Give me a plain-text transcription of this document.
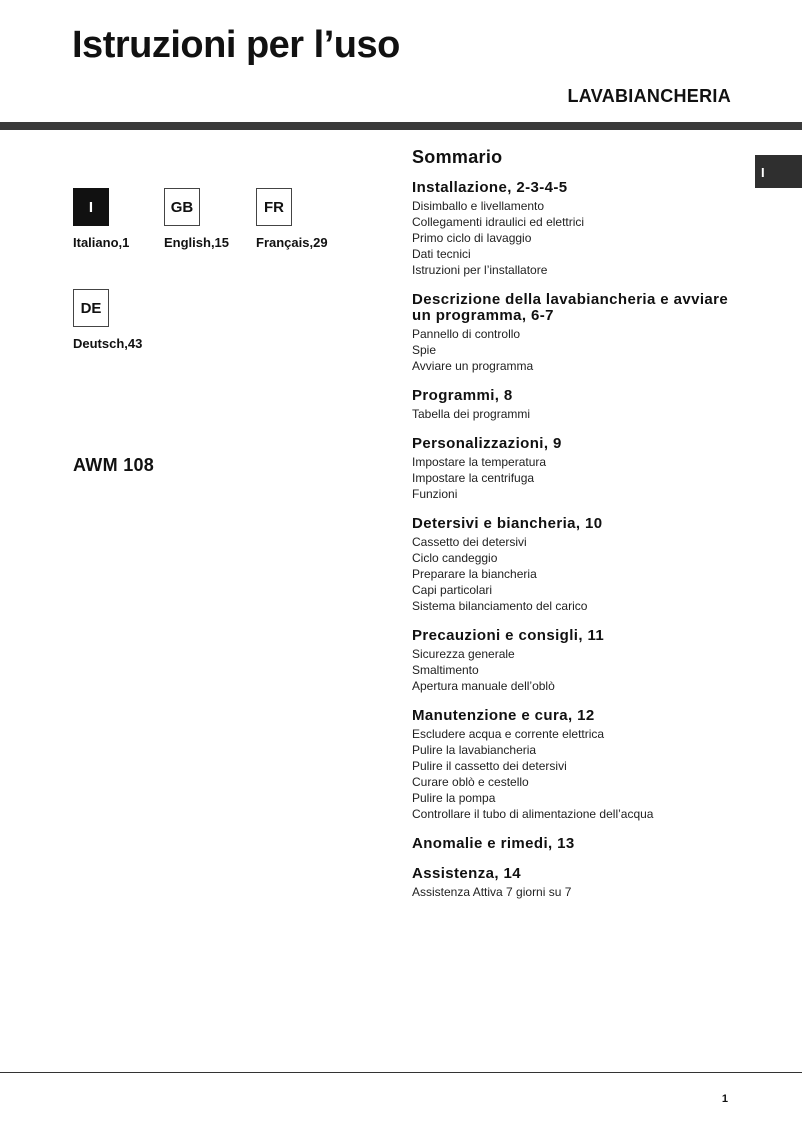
Istruzioni per l’uso
LAVABIANCHERIA
I
I
Italiano,1
GB
English,15
FR
Français,29
DE
Deutsch,43
AWM 108
Sommario
Installazione, 2-3-4-5
Disimballo e livellamento
Collegamenti idraulici ed elettrici
Primo ciclo di lavaggio
Dati tecnici
Istruzioni per l’installatore
Descrizione della lavabiancheria e avviare un programma, 6-7
Pannello di controllo
Spie
Avviare un programma
Programmi, 8
Tabella dei programmi
Personalizzazioni, 9
Impostare la temperatura
Impostare la centrifuga
Funzioni
Detersivi e biancheria, 10
Cassetto dei detersivi
Ciclo candeggio
Preparare la biancheria
Capi particolari
Sistema bilanciamento del carico
Precauzioni e consigli, 11
Sicurezza generale
Smaltimento
Apertura manuale dell’oblò
Manutenzione e cura, 12
Escludere acqua e corrente elettrica
Pulire la lavabiancheria
Pulire il cassetto dei detersivi
Curare oblò e cestello
Pulire la pompa
Controllare il tubo di alimentazione dell’acqua
Anomalie e rimedi, 13
Assistenza, 14
Assistenza Attiva 7 giorni su 7
1
